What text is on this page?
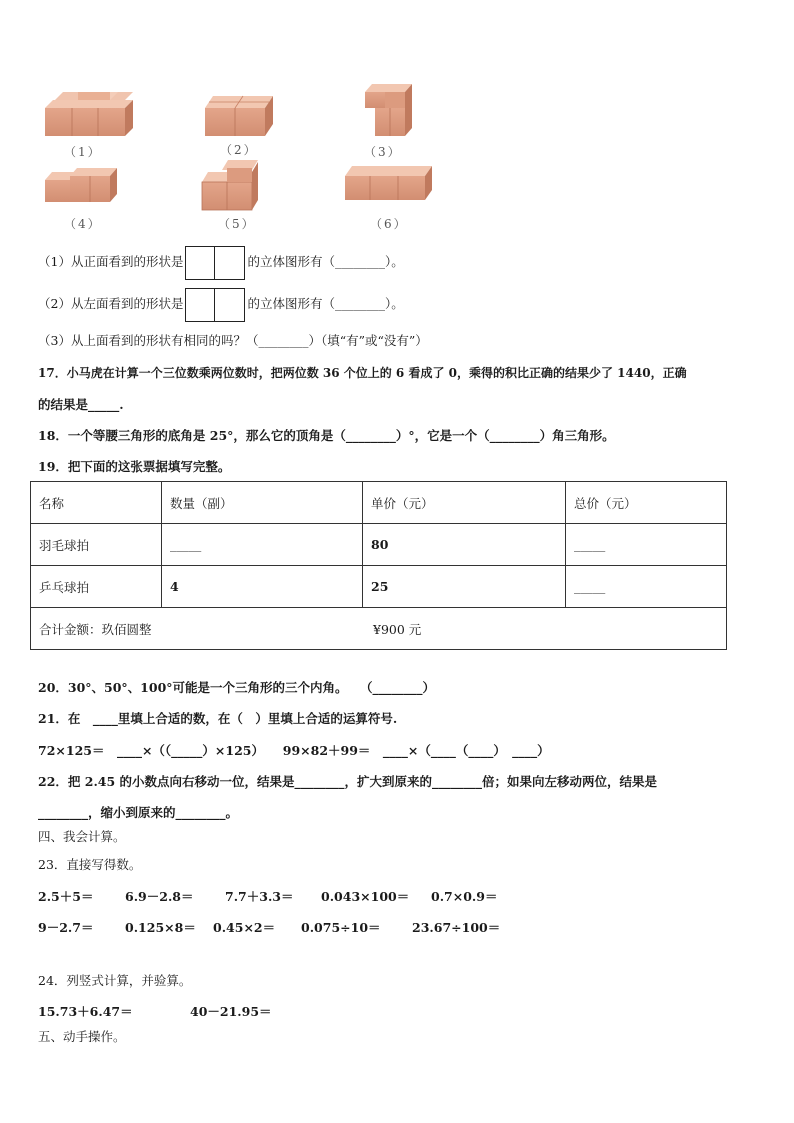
（1）	（2）	（3）
（4）	（5）	（6）
（1）从正面看到的形状是	的立体图形有（________）。
（2）从左面看到的形状是	的立体图形有（________）。
（3）从上面看到的形状有相同的吗？（________）（填“有”或“没有”）
17．小马虎在计算一个三位数乘两位数时，把两位数 36 个位上的 6 看成了 0，乘得的积比正确的结果少了 1440，正确
的结果是_____.
18．一个等腰三角形的底角是 25°，那么它的顶角是（________）°，它是一个（________）角三角形。
19．把下面的这张票据填写完整。
名称	数量（副）	单价（元）	总价（元）
羽毛球拍	_____	80	_____
乒乓球拍	4	25	_____
合计金额：玖佰圆整 ¥900 元			
20．30°、50°、100°可能是一个三角形的三个内角。　　（________）
21．在　____里填上合适的数，在（　）里填上合适的运算符号.
72×125＝　____×（（_____）×125）　　99×82＋99＝　____×（____（____）　____）
22．把 2.45 的小数点向右移动一位，结果是________，扩大到原来的________倍；如果向左移动两位，结果是
________，缩小到原来的________。
四、我会计算。
23．直接写得数。
2.5＋5＝	6.9－2.8＝	7.7＋3.3＝ 0.043×100＝ 0.7×0.9＝
9－2.7＝	0.125×8＝ 0.45×2＝ 0.075÷10＝	23.67÷100＝
24．列竖式计算，并验算。
15.73＋6.47＝	40－21.95＝
五、动手操作。
